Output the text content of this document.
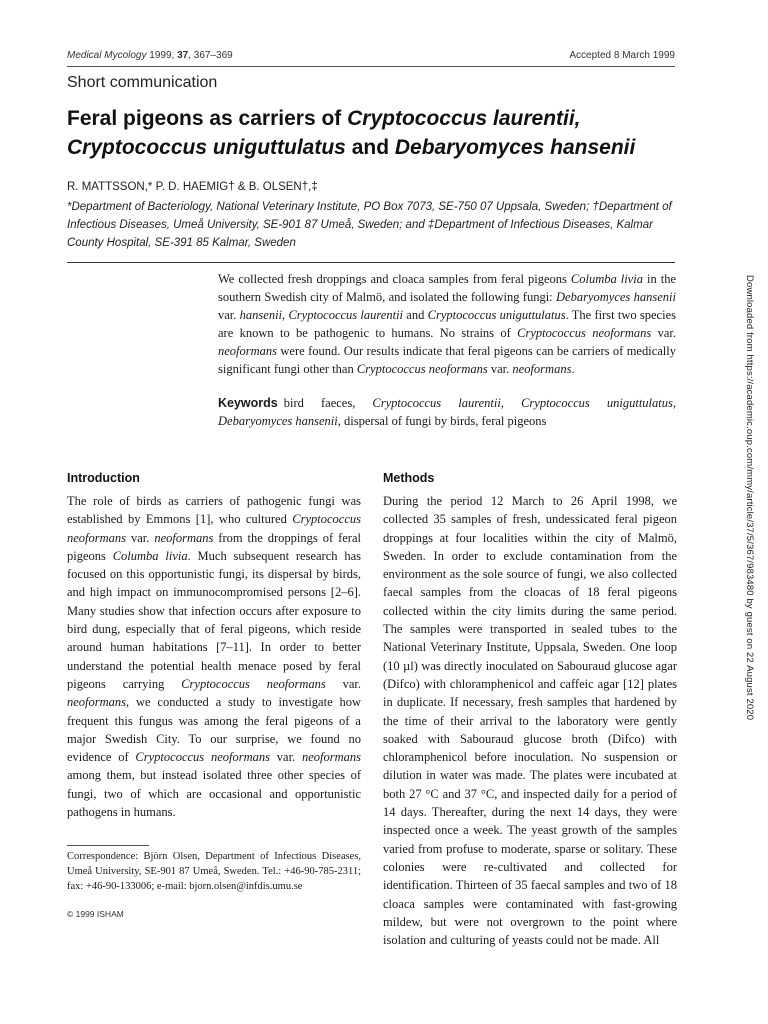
Medical Mycology 1999, 37, 367–369	Accepted 8 March 1999
Short communication
Feral pigeons as carriers of Cryptococcus laurentii,
Cryptococcus uniguttulatus and Debaryomyces hansenii
R. MATTSSON,* P. D. HAEMIG† & B. OLSEN†,‡
*Department of Bacteriology, National Veterinary Institute, PO Box 7073, SE-750 07 Uppsala, Sweden; †Department of Infectious Diseases, Umeå University, SE-901 87 Umeå, Sweden; and ‡Department of Infectious Diseases, Kalmar County Hospital, SE-391 85 Kalmar, Sweden
We collected fresh droppings and cloaca samples from feral pigeons Columba livia in the southern Swedish city of Malmö, and isolated the following fungi: Debaryomyces hansenii var. hansenii, Cryptococcus laurentii and Cryptococcus uniguttulatus. The first two species are known to be pathogenic to humans. No strains of Cryptococcus neoformans var. neoformans were found. Our results indicate that feral pigeons can be carriers of medically significant fungi other than Cryptococcus neoformans var. neoformans.
Keywords bird faeces, Cryptococcus laurentii, Cryptococcus uniguttulatus, Debaryomyces hansenii, dispersal of fungi by birds, feral pigeons
Introduction
The role of birds as carriers of pathogenic fungi was established by Emmons [1], who cultured Cryptococcus neoformans var. neoformans from the droppings of feral pigeons Columba livia. Much subsequent research has focused on this opportunistic fungi, its dispersal by birds, and high impact on immunocompromised persons [2–6]. Many studies show that infection occurs after exposure to bird dung, especially that of feral pigeons, which reside around human habitations [7–11]. In order to better understand the potential health menace posed by feral pigeons carrying Cryptococcus neoformans var. neoformans, we conducted a study to investigate how frequent this fungus was among the feral pigeons of a major Swedish City. To our surprise, we found no evidence of Cryptococcus neoformans var. neoformans among them, but instead isolated three other species of fungi, two of which are occasional and opportunistic pathogens in humans.
Methods
During the period 12 March to 26 April 1998, we collected 35 samples of fresh, undessicated feral pigeon droppings at four localities within the city of Malmö, Sweden. In order to exclude contamination from the environment as the sole source of fungi, we also collected faecal samples from the cloacas of 18 feral pigeons collected within the city limits during the same period. The samples were transported in sealed tubes to the National Veterinary Institute, Uppsala, Sweden. One loop (10 µl) was directly inoculated on Sabouraud glucose agar (Difco) with chloramphenicol and caffeic agar [12] plates in duplicate. If necessary, fresh samples that hardened by the time of their arrival to the laboratory were gently soaked with Sabouraud glucose broth (Difco) with chloramphenicol before inoculation. No suspension or dilution in water was made. The plates were incubated at both 27 °C and 37 °C, and inspected daily for a period of 14 days. Thereafter, during the next 14 days, they were inspected once a week. The yeast growth of the samples varied from profuse to moderate, sparse or solitary. These colonies were re-cultivated and collected for identification. Thirteen of 35 faecal samples and two of 18 cloaca samples were contaminated with fast-growing mildew, but were not overgrown to the point where isolation and culturing of yeasts could not be made. All
Correspondence: Björn Olsen, Department of Infectious Diseases, Umeå University, SE-901 87 Umeå, Sweden. Tel.: +46-90-785-2311; fax: +46-90-133006; e-mail: bjorn.olsen@infdis.umu.se
© 1999 ISHAM
Downloaded from https://academic.oup.com/mmy/article/37/5/367/983480 by guest on 22 August 2020
